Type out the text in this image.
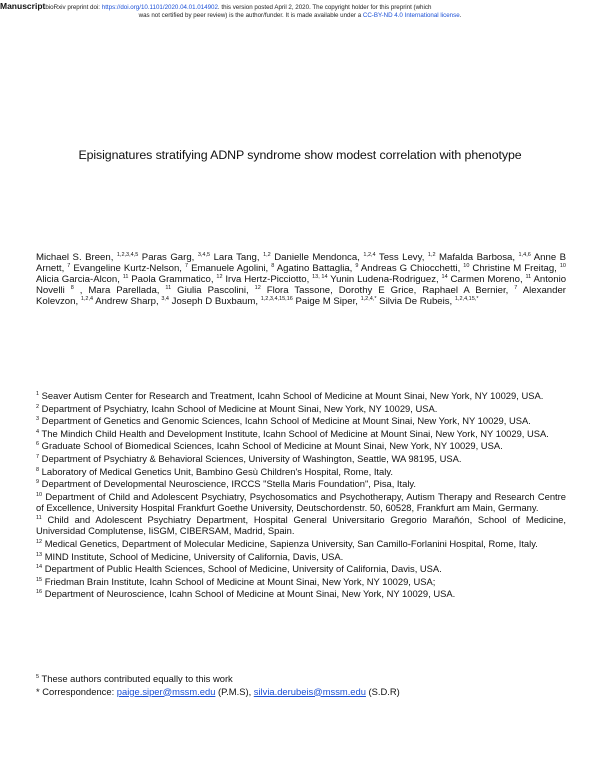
ManuscriptbioRxiv preprint doi: https://doi.org/10.1101/2020.04.01.014902. this version posted April 2, 2020. The copyright holder for this preprint (which
was not certified by peer review) is the author/funder. It is made available under a CC-BY-ND 4.0 International license.
Episignatures stratifying ADNP syndrome show modest correlation with phenotype
Michael S. Breen, $^{1,2,3,4,5}$ Paras Garg, $^{3,4,5}$ Lara Tang, $^{1,2}$ Danielle Mendonca, $^{1,2,4}$ Tess Levy, $^{1,2}$ Mafalda Barbosa, $^{1,4,6}$ Anne B Arnett, $^7$ Evangeline Kurtz-Nelson, $^7$ Emanuele Agolini, $^8$ Agatino Battaglia, $^9$ Andreas G Chiocchetti, $^{10}$ Christine M Freitag, $^{10}$ Alicia Garcia-Alcon, $^{11}$ Paola Grammatico, $^{12}$ Irva Hertz-Picciotto, $^{13, 14}$ Yunin Ludena-Rodriguez, $^{14}$ Carmen Moreno, $^{11}$ Antonio Novelli $^8$ , Mara Parellada, $^{11}$ Giulia Pascolini, $^{12}$ Flora Tassone, Dorothy E Grice, Raphael A Bernier, $^7$ Alexander Kolevzon, $^{1,2,4}$ Andrew Sharp, $^{3,4}$ Joseph D Buxbaum, $^{1,2,3,4,15,16}$ Paige M Siper, $^{1,2,4,*}$ Silvia De Rubeis, $^{1,2,4,15,*}$
$^1$ Seaver Autism Center for Research and Treatment, Icahn School of Medicine at Mount Sinai, New York, NY 10029, USA.
$^2$ Department of Psychiatry, Icahn School of Medicine at Mount Sinai, New York, NY 10029, USA.
$^3$ Department of Genetics and Genomic Sciences, Icahn School of Medicine at Mount Sinai, New York, NY 10029, USA.
$^4$ The Mindich Child Health and Development Institute, Icahn School of Medicine at Mount Sinai, New York, NY 10029, USA.
$^6$ Graduate School of Biomedical Sciences, Icahn School of Medicine at Mount Sinai, New York, NY 10029, USA.
$^7$ Department of Psychiatry & Behavioral Sciences, University of Washington, Seattle, WA 98195, USA.
$^8$ Laboratory of Medical Genetics Unit, Bambino Gesù Children's Hospital, Rome, Italy.
$^9$ Department of Developmental Neuroscience, IRCCS "Stella Maris Foundation", Pisa, Italy.
$^{10}$ Department of Child and Adolescent Psychiatry, Psychosomatics and Psychotherapy, Autism Therapy and Research Centre of Excellence, University Hospital Frankfurt Goethe University, Deutschordenstr. 50, 60528, Frankfurt am Main, Germany.
$^{11}$ Child and Adolescent Psychiatry Department, Hospital General Universitario Gregorio Marañón, School of Medicine, Universidad Complutense, IiSGM, CIBERSAM, Madrid, Spain.
$^{12}$ Medical Genetics, Department of Molecular Medicine, Sapienza University, San Camillo-Forlanini Hospital, Rome, Italy.
$^{13}$ MIND Institute, School of Medicine, University of California, Davis, USA.
$^{14}$ Department of Public Health Sciences, School of Medicine, University of California, Davis, USA.
$^{15}$ Friedman Brain Institute, Icahn School of Medicine at Mount Sinai, New York, NY 10029, USA;
$^{16}$ Department of Neuroscience, Icahn School of Medicine at Mount Sinai, New York, NY 10029, USA.
$^5$ These authors contributed equally to this work
* Correspondence: paige.siper@mssm.edu (P.M.S), silvia.derubeis@mssm.edu (S.D.R)
